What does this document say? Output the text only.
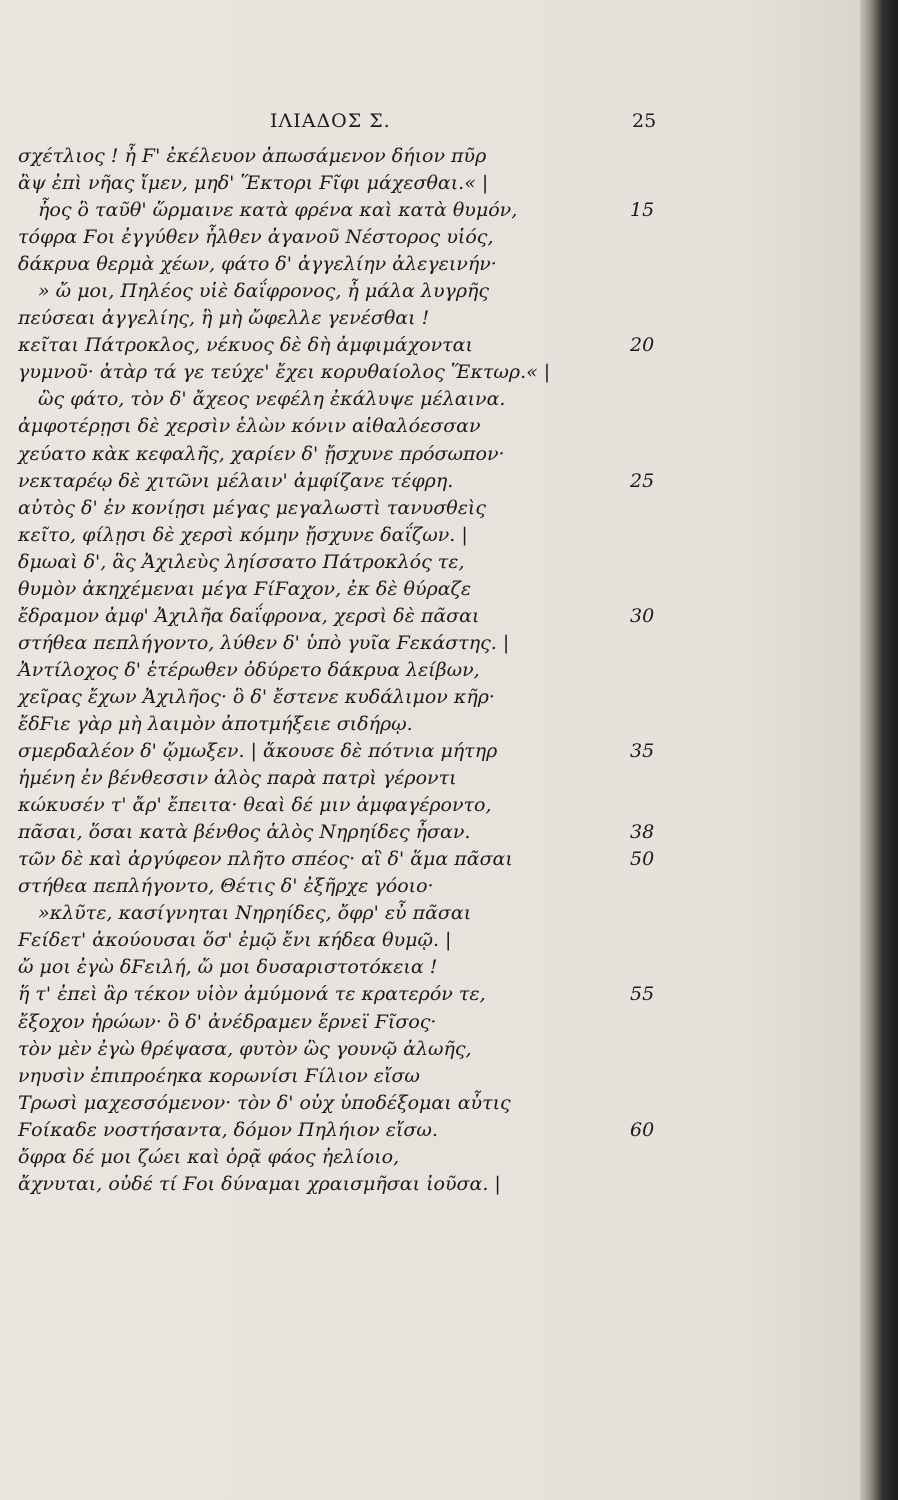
ΙΛΙΑΔΟΣ Σ.	25
σχέτλιος ! ἦ Ϝ' ἐκέλευον ἀπωσάμενον δήιον πῦρ
ἂψ ἐπὶ νῆας ἴμεν, μηδ' Ἕκτορι Ϝῖφι μάχεσθαι.« |
ἧος ὃ ταῦθ' ὥρμαινε κατὰ φρένα καὶ κατὰ θυμόν,	15
τόφρα Ϝοι ἐγγύθεν ἦλθεν ἀγανοῦ Νέστορος υἱός,
δάκρυα θερμὰ χέων, φάτο δ' ἀγγελίην ἀλεγεινήν·
» ὤ μοι, Πηλέος υἱὲ δαΐφρονος, ἦ μάλα λυγρῆς
πεύσεαι ἀγγελίης, ἣ μὴ ὤφελλε γενέσθαι !
κεῖται Πάτροκλος, νέκυος δὲ δὴ ἀμφιμάχονται	20
γυμνοῦ· ἀτὰρ τά γε τεύχε' ἔχει κορυθαίολος Ἕκτωρ.« |
ὣς φάτο, τὸν δ' ἄχεος νεφέλη ἐκάλυψε μέλαινα.
ἀμφοτέρῃσι δὲ χερσὶν ἑλὼν κόνιν αἰθαλόεσσαν
χεύατο κὰκ κεφαλῆς, χαρίεν δ' ᾔσχυνε πρόσωπον·
νεκταρέῳ δὲ χιτῶνι μέλαιν' ἀμφίζανε τέφρη.	25
αὐτὸς δ' ἐν κονίῃσι μέγας μεγαλωστὶ τανυσθεὶς
κεῖτο, φίλῃσι δὲ χερσὶ κόμην ᾔσχυνε δαΐζων. |
δμωαὶ δ', ἃς Ἀχιλεὺς ληίσσατο Πάτροκλός τε,
θυμὸν ἀκηχέμεναι μέγα ϜίϜαχον, ἐκ δὲ θύραζε
ἔδραμον ἀμφ' Ἀχιλῆα δαΐφρονα, χερσὶ δὲ πᾶσαι	30
στήθεα πεπλήγοντο, λύθεν δ' ὑπὸ γυῖα Ϝεκάστης. |
Ἀντίλοχος δ' ἑτέρωθεν ὀδύρετο δάκρυα λείβων,
χεῖρας ἔχων Ἀχιλῆος· ὃ δ' ἔστενε κυδάλιμον κῆρ·
ἔδϜιε γὰρ μὴ λαιμὸν ἀποτμήξειε σιδήρῳ.
σμερδαλέον δ' ᾤμωξεν. | ἄκουσε δὲ πότνια μήτηρ	35
ἡμένη ἐν βένθεσσιν ἁλὸς παρὰ πατρὶ γέροντι
κώκυσέν τ' ἄρ' ἔπειτα· θεαὶ δέ μιν ἀμφαγέροντο,
πᾶσαι, ὅσαι κατὰ βένθος ἁλὸς Νηρηίδες ἦσαν.	38
τῶν δὲ καὶ ἀργύφεον πλῆτο σπέος· αἳ δ' ἅμα πᾶσαι	50
στήθεα πεπλήγοντο, Θέτις δ' ἐξῆρχε γόοιο·
»κλῦτε, κασίγνηται Νηρηίδες, ὄφρ' εὖ πᾶσαι
Ϝείδετ' ἀκούουσαι ὅσ' ἐμῷ ἔνι κήδεα θυμῷ. |
ὤ μοι ἐγὼ δϜειλή, ὤ μοι δυσαριστοτόκεια !
ἥ τ' ἐπεὶ ἂρ τέκον υἱὸν ἀμύμονά τε κρατερόν τε,	55
ἔξοχον ἡρώων· ὃ δ' ἀνέδραμεν ἔρνεϊ Ϝῖσος·
τὸν μὲν ἐγὼ θρέψασα, φυτὸν ὣς γουνῷ ἀλωῆς,
νηυσὶν ἐπιπροέηκα κορωνίσι Ϝίλιον εἴσω
Τρωσὶ μαχεσσόμενον· τὸν δ' οὐχ ὑποδέξομαι αὖτις
Ϝοίκαδε νοστήσαντα, δόμον Πηλήιον εἴσω.	60
ὄφρα δέ μοι ζώει καὶ ὁρᾷ φάος ἠελίοιο,
ἄχνυται, οὐδέ τί Ϝοι δύναμαι χραισμῆσαι ἰοῦσα. |
